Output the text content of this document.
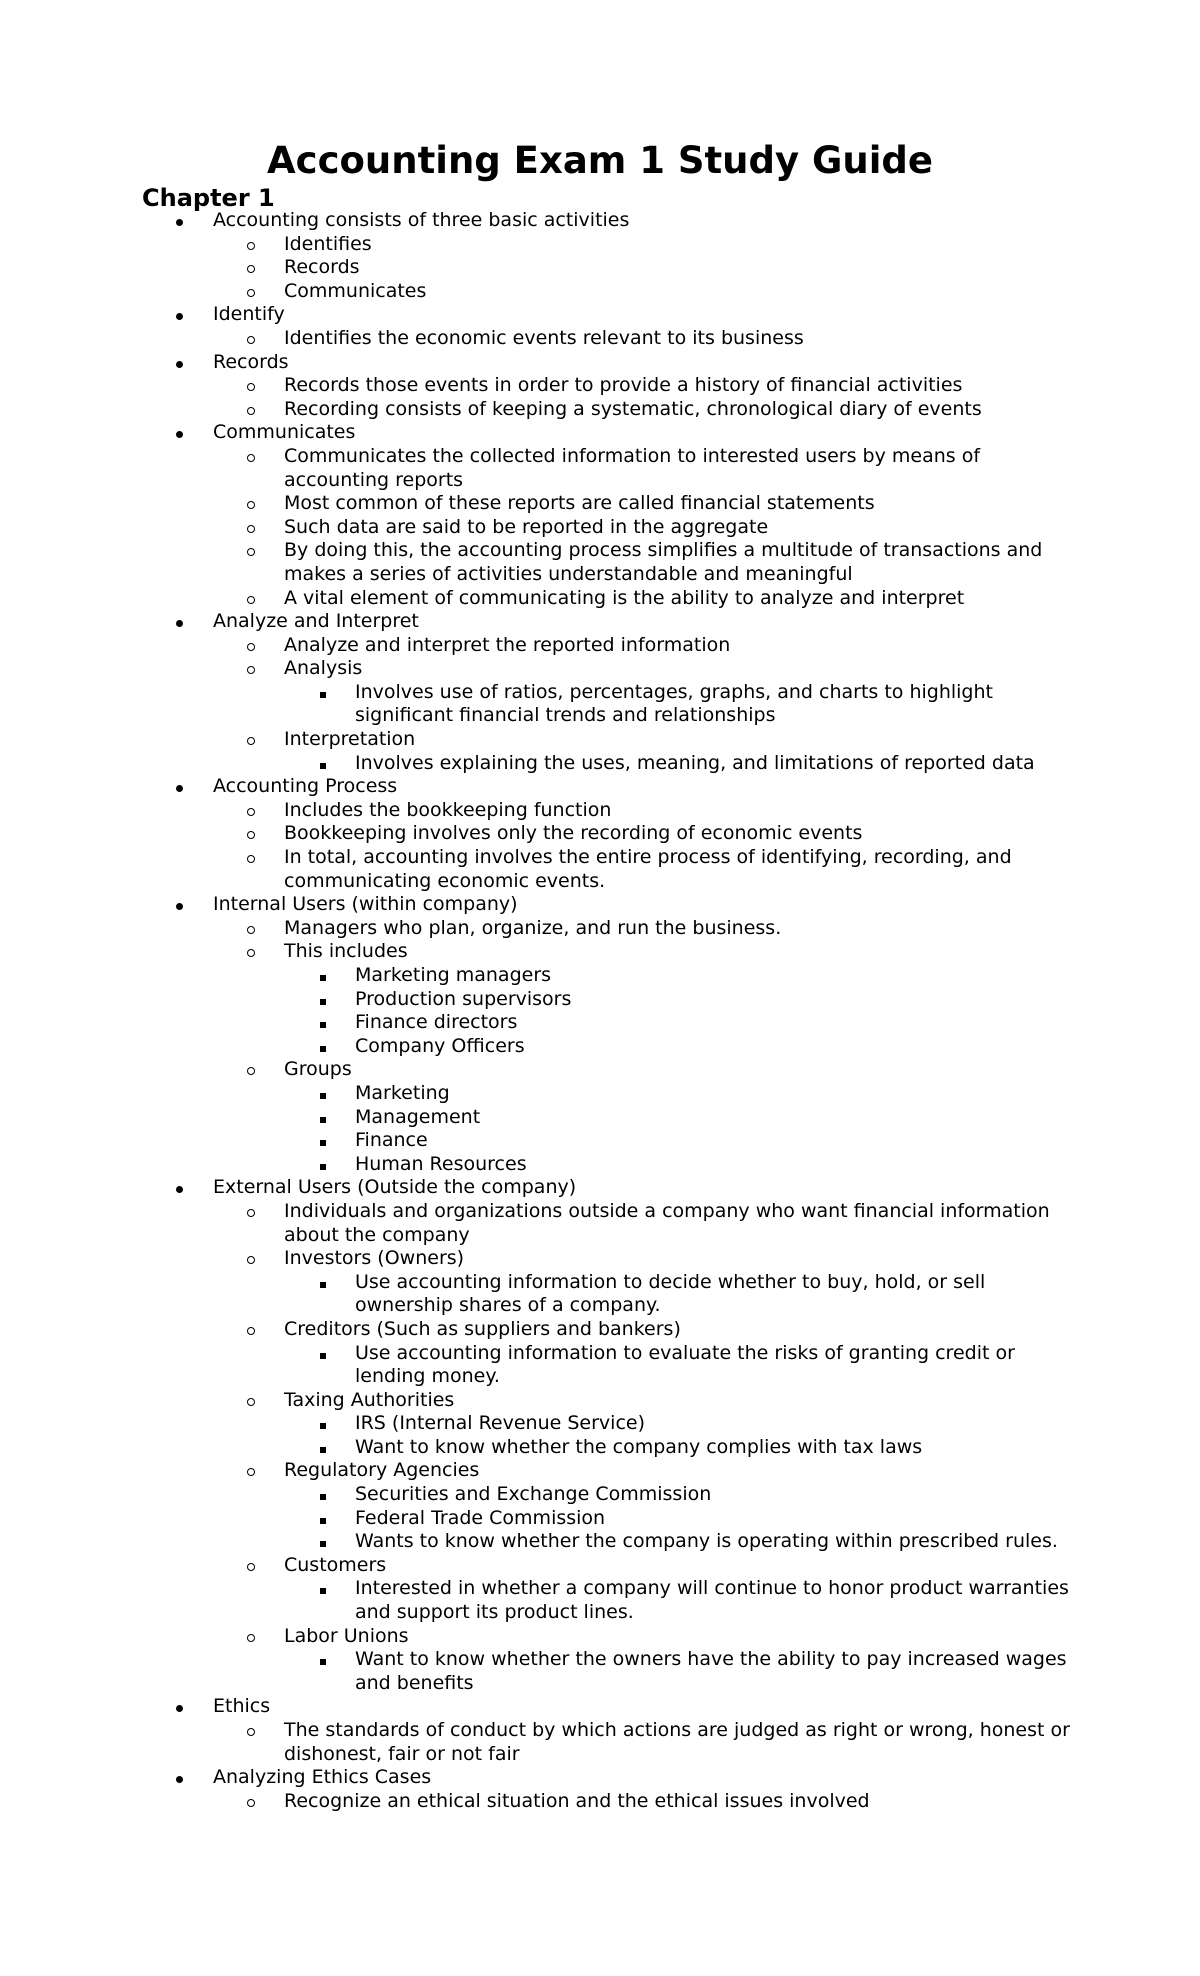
Accounting Exam 1 Study Guide
Chapter 1
Accounting consists of three basic activities
Identifies
Records
Communicates
Identify
Identifies the economic events relevant to its business
Records
Records those events in order to provide a history of financial activities
Recording consists of keeping a systematic, chronological diary of events
Communicates
Communicates the collected information to interested users by means of accounting reports
Most common of these reports are called financial statements
Such data are said to be reported in the aggregate
By doing this, the accounting process simplifies a multitude of transactions and makes a series of activities understandable and meaningful
A vital element of communicating is the ability to analyze and interpret
Analyze and Interpret
Analyze and interpret the reported information
Analysis
Involves use of ratios, percentages, graphs, and charts to highlight significant financial trends and relationships
Interpretation
Involves explaining the uses, meaning, and limitations of reported data
Accounting Process
Includes the bookkeeping function
Bookkeeping involves only the recording of economic events
In total, accounting involves the entire process of identifying, recording, and communicating economic events.
Internal Users (within company)
Managers who plan, organize, and run the business.
This includes
Marketing managers
Production supervisors
Finance directors
Company Officers
Groups
Marketing
Management
Finance
Human Resources
External Users (Outside the company)
Individuals and organizations outside a company who want financial information about the company
Investors (Owners)
Use accounting information to decide whether to buy, hold, or sell ownership shares of a company.
Creditors (Such as suppliers and bankers)
Use accounting information to evaluate the risks of granting credit or lending money.
Taxing Authorities
IRS (Internal Revenue Service)
Want to know whether the company complies with tax laws
Regulatory Agencies
Securities and Exchange Commission
Federal Trade Commission
Wants to know whether the company is operating within prescribed rules.
Customers
Interested in whether a company will continue to honor product warranties and support its product lines.
Labor Unions
Want to know whether the owners have the ability to pay increased wages and benefits
Ethics
The standards of conduct by which actions are judged as right or wrong, honest or dishonest, fair or not fair
Analyzing Ethics Cases
Recognize an ethical situation and the ethical issues involved
